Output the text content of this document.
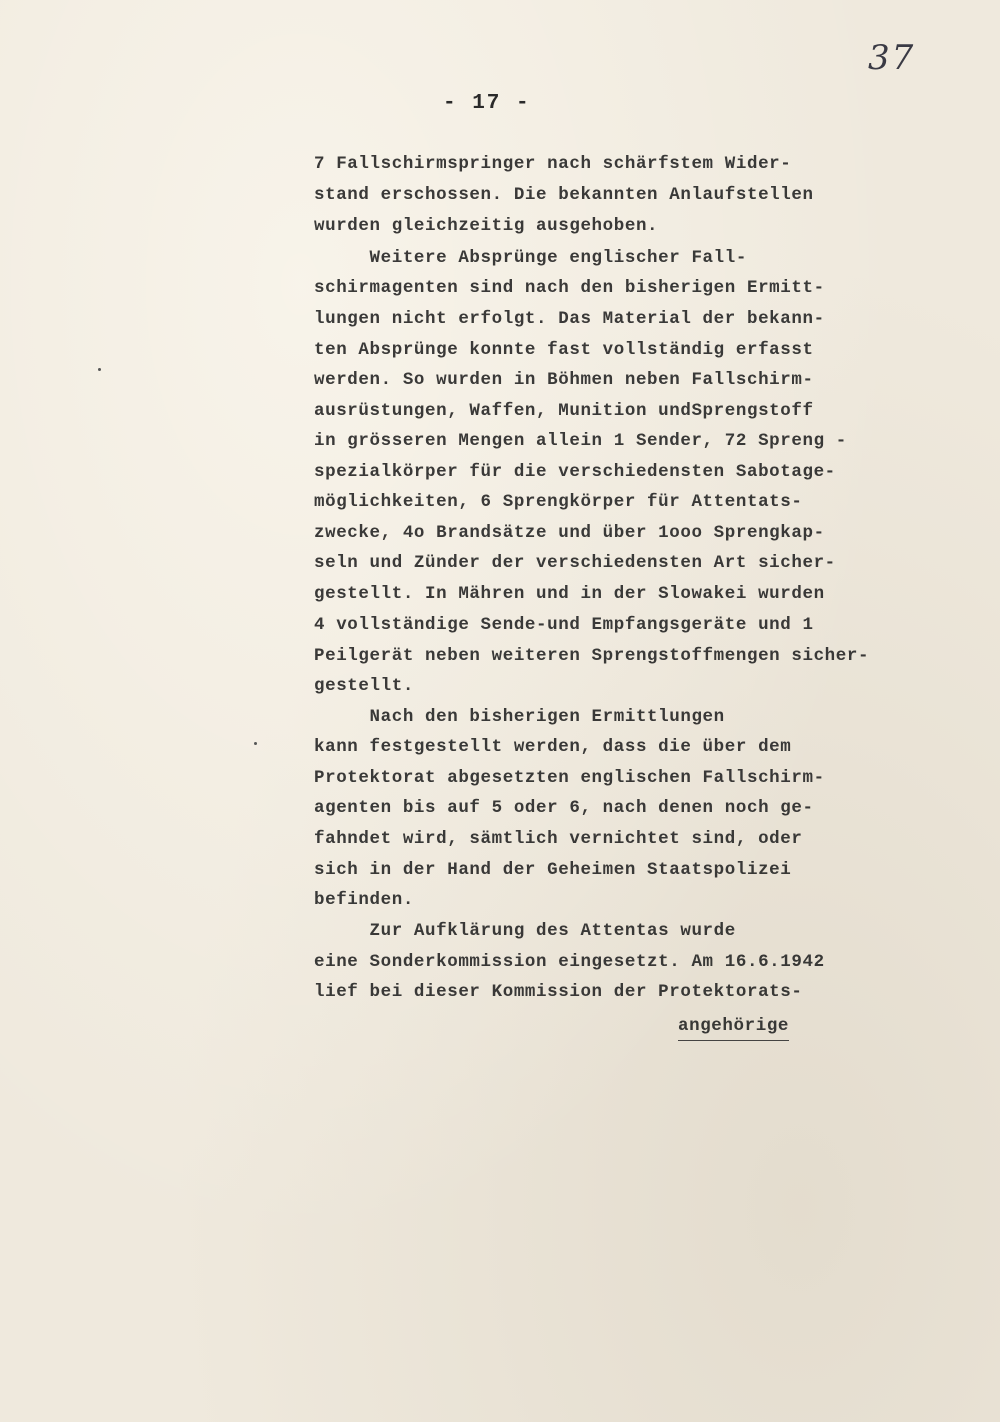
37
- 17 -
7 Fallschirmspringer nach schärfstem Wider-
stand erschossen. Die bekannten Anlaufstellen
wurden gleichzeitig ausgehoben.
Weitere Absprünge englischer Fall-
schirmagenten sind nach den bisherigen Ermitt-
lungen nicht erfolgt. Das Material der bekann-
ten Absprünge konnte fast vollständig erfasst
werden. So wurden in Böhmen neben Fallschirm-
ausrüstungen, Waffen, Munition undSprengstoff
in grösseren Mengen allein 1 Sender, 72 Spreng -
spezialkörper für die verschiedensten Sabotage-
möglichkeiten, 6 Sprengkörper für Attentats-
zwecke, 4o Brandsätze und über 1ooo Sprengkap-
seln und Zünder der verschiedensten Art sicher-
gestellt. In Mähren und in der Slowakei wurden
4 vollständige Sende-und Empfangsgeräte und 1
Peilgerät neben weiteren Sprengstoffmengen sicher-
gestellt.
Nach den bisherigen Ermittlungen
kann festgestellt werden, dass die über dem
Protektorat abgesetzten englischen Fallschirm-
agenten bis auf 5 oder 6, nach denen noch ge-
fahndet wird, sämtlich vernichtet sind, oder
sich in der Hand der Geheimen Staatspolizei
befinden.
Zur Aufklärung des Attentas wurde
eine Sonderkommission eingesetzt. Am 16.6.1942
lief bei dieser Kommission der Protektorats-
angehörige
